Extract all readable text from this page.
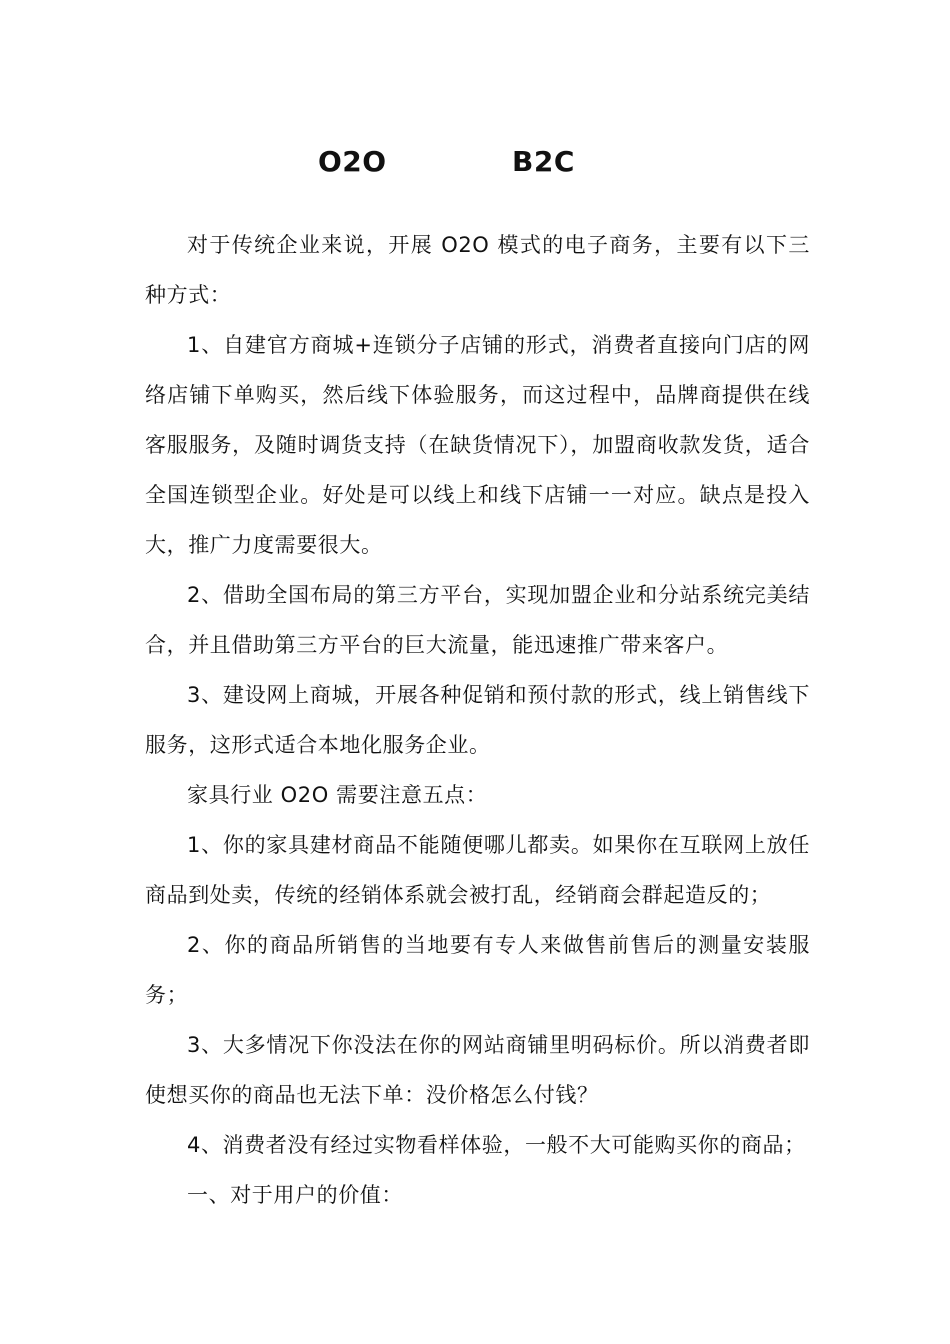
O2O	B2C

对于传统企业来说，开展 O2O 模式的电子商务，主要有以下三种方式：

1、自建官方商城+连锁分子店铺的形式，消费者直接向门店的网络店铺下单购买，然后线下体验服务，而这过程中，品牌商提供在线客服服务，及随时调货支持（在缺货情况下），加盟商收款发货，适合全国连锁型企业。好处是可以线上和线下店铺一一对应。缺点是投入大，推广力度需要很大。

2、借助全国布局的第三方平台，实现加盟企业和分站系统完美结合，并且借助第三方平台的巨大流量，能迅速推广带来客户。

3、建设网上商城，开展各种促销和预付款的形式，线上销售线下服务，这形式适合本地化服务企业。

家具行业 O2O 需要注意五点：

1、你的家具建材商品不能随便哪儿都卖。如果你在互联网上放任商品到处卖，传统的经销体系就会被打乱，经销商会群起造反的；

2、你的商品所销售的当地要有专人来做售前售后的测量安装服务；

3、大多情况下你没法在你的网站商铺里明码标价。所以消费者即使想买你的商品也无法下单：没价格怎么付钱？

4、消费者没有经过实物看样体验，一般不大可能购买你的商品；

一、对于用户的价值：
